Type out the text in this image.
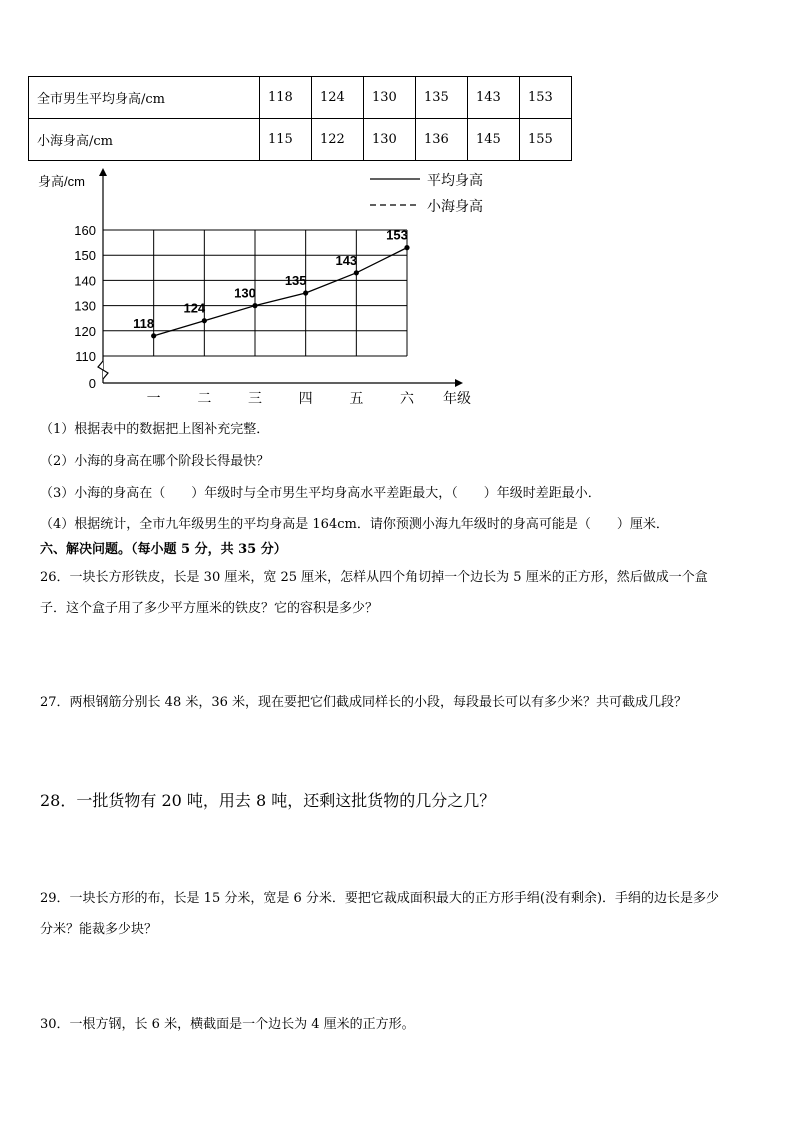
全市男生平均身高/cm	118	124	130	135	143	153
小海身高/cm	115	122	130	136	145	155
0
110
120
130
140
150
160
身高/cm
一	二	三	四	五	六 年级
平均身高
小海身高
118
124
130
135
143
153
（1）根据表中的数据把上图补充完整．
（2）小海的身高在哪个阶段长得最快？
（3）小海的身高在（　　）年级时与全市男生平均身高水平差距最大，（　　）年级时差距最小．
（4）根据统计，全市九年级男生的平均身高是 164cm．请你预测小海九年级时的身高可能是（　　）厘米．
六、解决问题。（每小题 5 分，共 35 分）
26．一块长方形铁皮，长是 30 厘米，宽 25 厘米，怎样从四个角切掉一个边长为 5 厘米的正方形，然后做成一个盒
子．这个盒子用了多少平方厘米的铁皮？它的容积是多少？
27．两根钢筋分别长 48 米，36 米，现在要把它们截成同样长的小段，每段最长可以有多少米？共可截成几段？
28．一批货物有 20 吨，用去 8 吨，还剩这批货物的几分之几？
29．一块长方形的布，长是 15 分米，宽是 6 分米．要把它裁成面积最大的正方形手绢(没有剩余)．手绢的边长是多少
分米？能裁多少块？
30．一根方钢，长 6 米，横截面是一个边长为 4 厘米的正方形。
